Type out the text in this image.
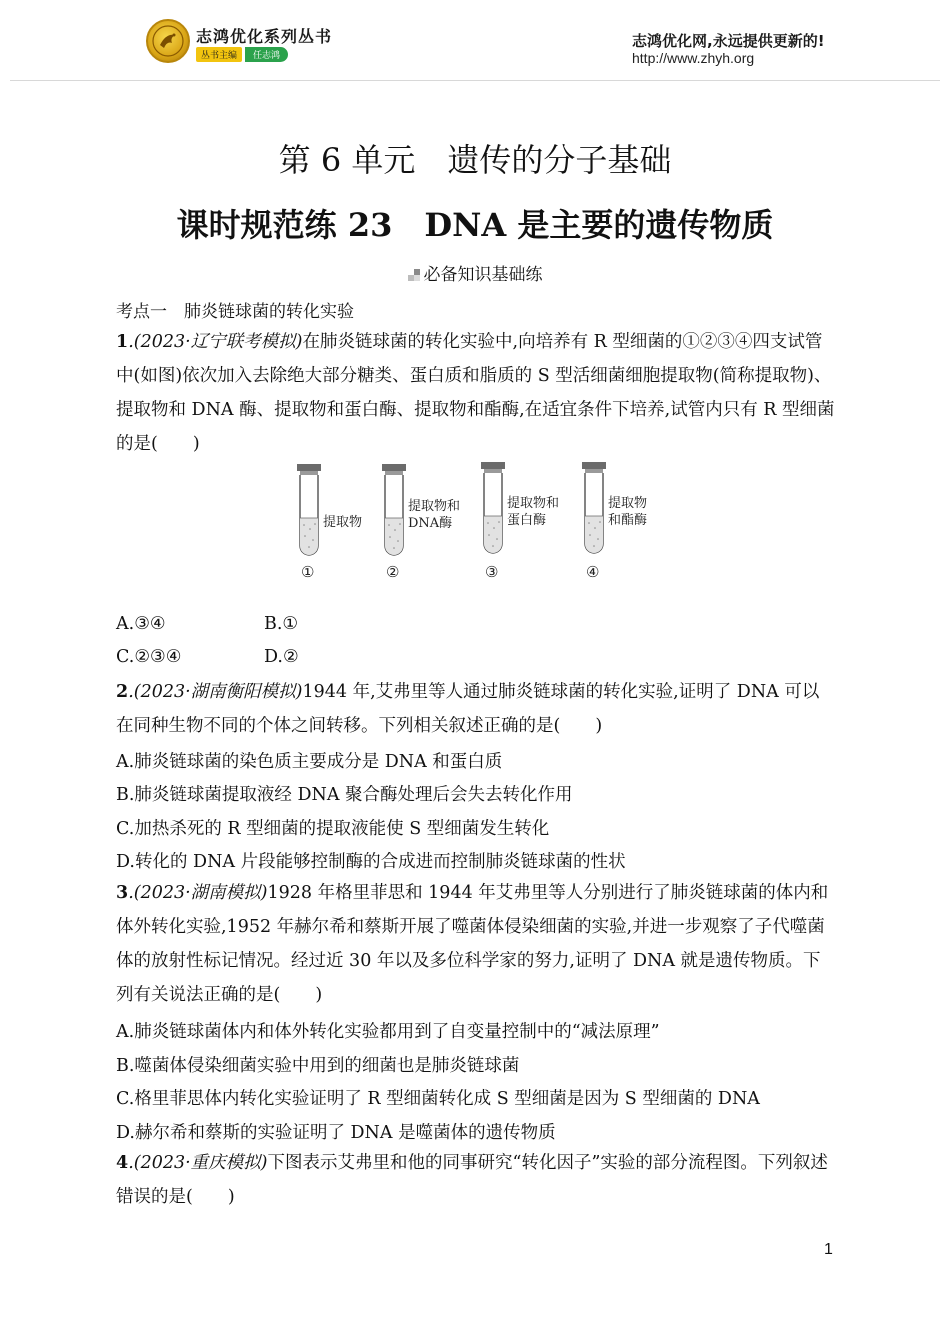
志鸿优化系列丛书
丛书主编	任志鸿
志鸿优化网,永远提供更新的!
http://www.zhyh.org
第 6 单元　遗传的分子基础
课时规范练 23　DNA 是主要的遗传物质
必备知识基础练
考点一　肺炎链球菌的转化实验
1.(2023·辽宁联考模拟)在肺炎链球菌的转化实验中,向培养有 R 型细菌的①②③④四支试管中(如图)依次加入去除绝大部分糖类、蛋白质和脂质的 S 型活细菌细胞提取物(简称提取物)、提取物和 DNA 酶、提取物和蛋白酶、提取物和酯酶,在适宜条件下培养,试管内只有 R 型细菌的是(　　)
提取物
①
提取物和
DNA酶
②
提取物和
蛋白酶
③
提取物
和酯酶
④
A.③④	B.①
C.②③④	D.②
2.(2023·湖南衡阳模拟)1944 年,艾弗里等人通过肺炎链球菌的转化实验,证明了 DNA 可以在同种生物不同的个体之间转移。下列相关叙述正确的是(　　)
A.肺炎链球菌的染色质主要成分是 DNA 和蛋白质
B.肺炎链球菌提取液经 DNA 聚合酶处理后会失去转化作用
C.加热杀死的 R 型细菌的提取液能使 S 型细菌发生转化
D.转化的 DNA 片段能够控制酶的合成进而控制肺炎链球菌的性状
3.(2023·湖南模拟)1928 年格里菲思和 1944 年艾弗里等人分别进行了肺炎链球菌的体内和体外转化实验,1952 年赫尔希和蔡斯开展了噬菌体侵染细菌的实验,并进一步观察了子代噬菌体的放射性标记情况。经过近 30 年以及多位科学家的努力,证明了 DNA 就是遗传物质。下列有关说法正确的是(　　)
A.肺炎链球菌体内和体外转化实验都用到了自变量控制中的“减法原理”
B.噬菌体侵染细菌实验中用到的细菌也是肺炎链球菌
C.格里菲思体内转化实验证明了 R 型细菌转化成 S 型细菌是因为 S 型细菌的 DNA
D.赫尔希和蔡斯的实验证明了 DNA 是噬菌体的遗传物质
4.(2023·重庆模拟)下图表示艾弗里和他的同事研究“转化因子”实验的部分流程图。下列叙述错误的是(　　)
1
